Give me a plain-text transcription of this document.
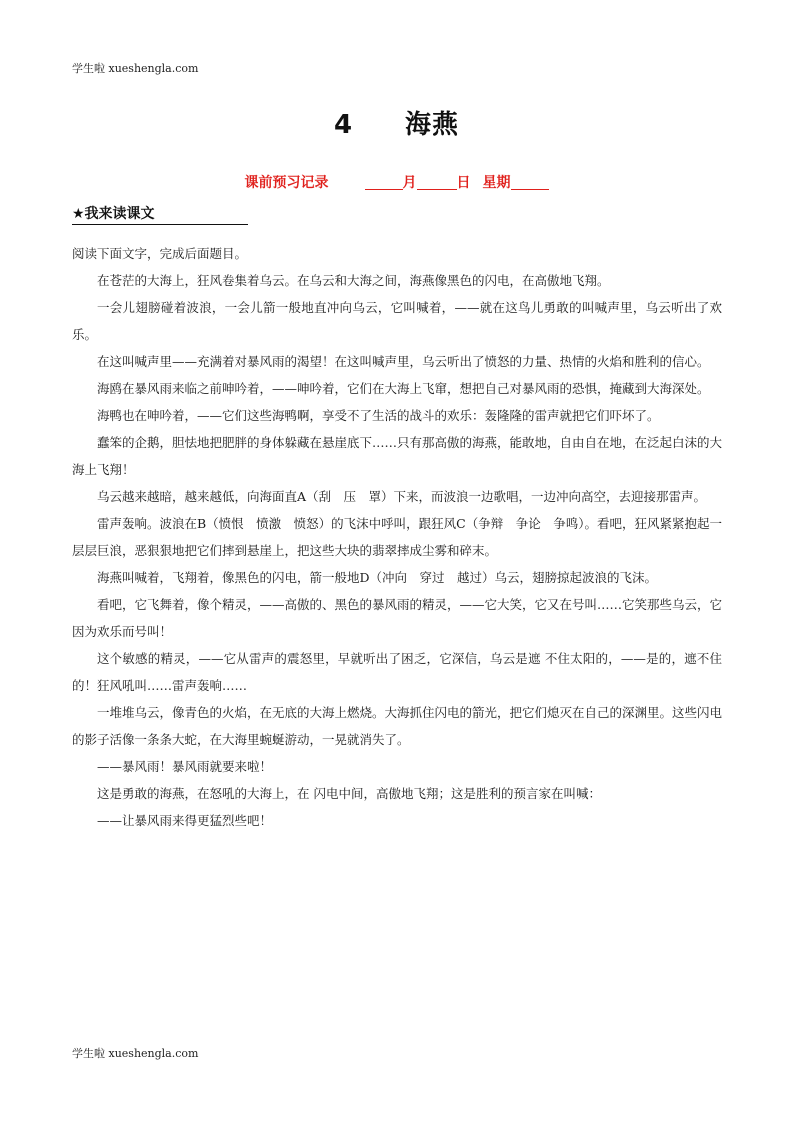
学生啦 xueshengla.com
4 海燕
课前预习记录	月	日 星期
★我来读课文

阅读下面文字，完成后面题目。

在苍茫的大海上，狂风卷集着乌云。在乌云和大海之间，海燕像黑色的闪电，在高傲地飞翔。

一会儿翅膀碰着波浪，一会儿箭一般地直冲向乌云，它叫喊着，——就在这鸟儿勇敢的叫喊声里，乌云听出了欢乐。

在这叫喊声里——充满着对暴风雨的渴望！在这叫喊声里，乌云听出了愤怒的力量、热情的火焰和胜利的信心。

海鸥在暴风雨来临之前呻吟着，——呻吟着，它们在大海上飞窜，想把自己对暴风雨的恐惧，掩藏到大海深处。

海鸭也在呻吟着，——它们这些海鸭啊，享受不了生活的战斗的欢乐：轰隆隆的雷声就把它们吓坏了。

蠢笨的企鹅，胆怯地把肥胖的身体躲藏在悬崖底下……只有那高傲的海燕，能敢地，自由自在地，在泛起白沫的大海上飞翔！

乌云越来越暗，越来越低，向海面直A（刮　压　罩）下来，而波浪一边歌唱，一边冲向高空，去迎接那雷声。

雷声轰响。波浪在B（愤恨　愤激　愤怒）的飞沫中呼叫，跟狂风C（争辩　争论　争鸣）。看吧，狂风紧紧抱起一层层巨浪，恶狠狠地把它们摔到悬崖上，把这些大块的翡翠摔成尘雾和碎末。

海燕叫喊着，飞翔着，像黑色的闪电，箭一般地D（冲向　穿过　越过）乌云，翅膀掠起波浪的飞沫。

看吧，它飞舞着，像个精灵，——高傲的、黑色的暴风雨的精灵，——它大笑，它又在号叫……它笑那些乌云，它因为欢乐而号叫！

这个敏感的精灵，——它从雷声的震怒里，早就听出了困乏，它深信，乌云是遮 不住太阳的，——是的，遮不住的！狂风吼叫……雷声轰响……

一堆堆乌云，像青色的火焰，在无底的大海上燃烧。大海抓住闪电的箭光，把它们熄灭在自己的深渊里。这些闪电的影子活像一条条大蛇，在大海里蜿蜒游动，一晃就消失了。

——暴风雨！暴风雨就要来啦！

这是勇敢的海燕，在怒吼的大海上，在 闪电中间，高傲地飞翔；这是胜利的预言家在叫喊：

——让暴风雨来得更猛烈些吧！

学生啦 xueshengla.com
